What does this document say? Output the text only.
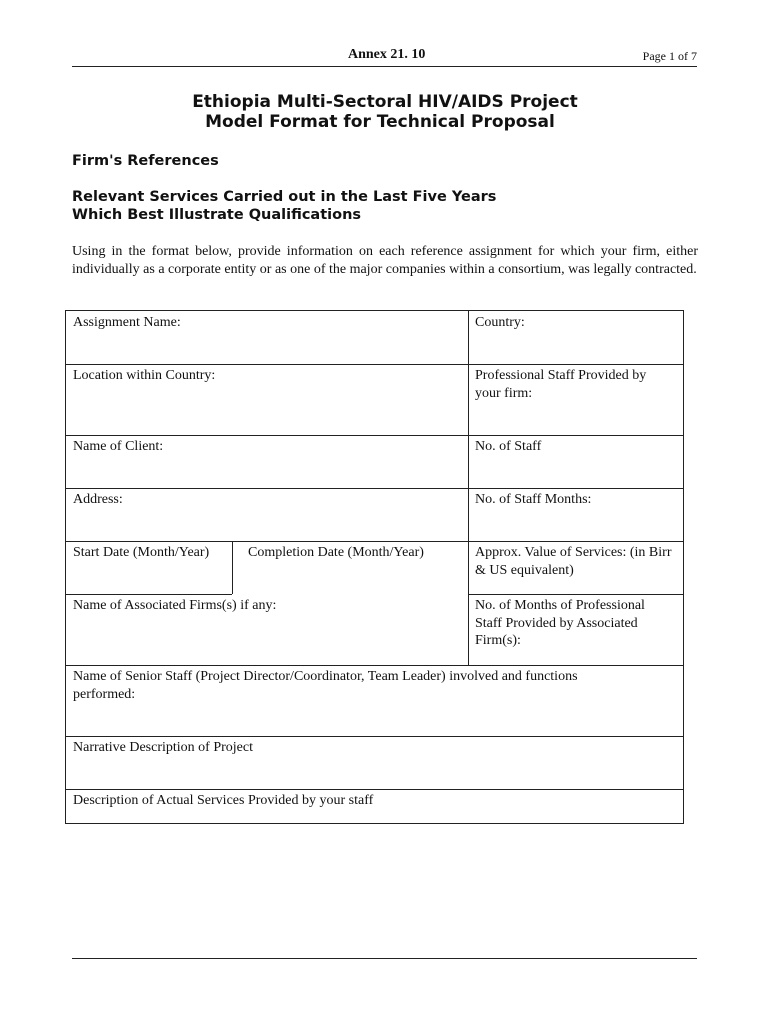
Annex 21. 10	Page 1 of 7
Ethiopia Multi-Sectoral HIV/AIDS Project
Model Format for Technical Proposal
Firm's References
Relevant Services Carried out in the Last Five Years
Which Best Illustrate Qualifications
Using in the format below, provide information on each reference assignment for which your firm, either individually as a corporate entity or as one of the major companies within a consortium, was legally contracted.
Assignment Name:	Country:
Location within Country:	Professional Staff Provided by your firm:
Name of Client:	No. of Staff
Address:	No. of Staff Months:
Start Date (Month/Year)	Completion Date (Month/Year)	Approx. Value of Services: (in Birr & US equivalent)
Name of Associated Firms(s) if any:	No. of Months of Professional Staff Provided by Associated Firm(s):
Name of Senior Staff (Project Director/Coordinator, Team Leader) involved and functions performed:
Narrative Description of Project
Description of Actual Services Provided by your staff
